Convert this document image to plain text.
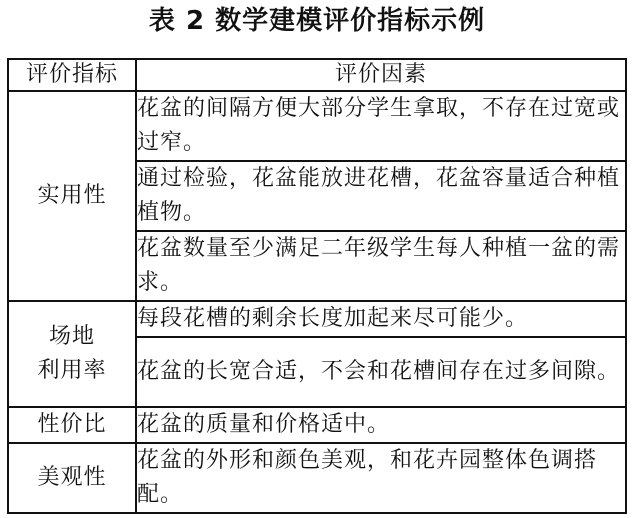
表 2 数学建模评价指标示例
评价指标	评价因素

实用性	花盆的间隔方便大部分学生拿取，不存在过宽或过窄。
	通过检验，花盆能放进花槽，花盆容量适合种植植物。
	花盆数量至少满足二年级学生每人种植一盆的需求。

场地
利用率	每段花槽的剩余长度加起来尽可能少。
	花盆的长宽合适，不会和花槽间存在过多间隙。

性价比	花盆的质量和价格适中。

美观性	花盆的外形和颜色美观，和花卉园整体色调搭配。
